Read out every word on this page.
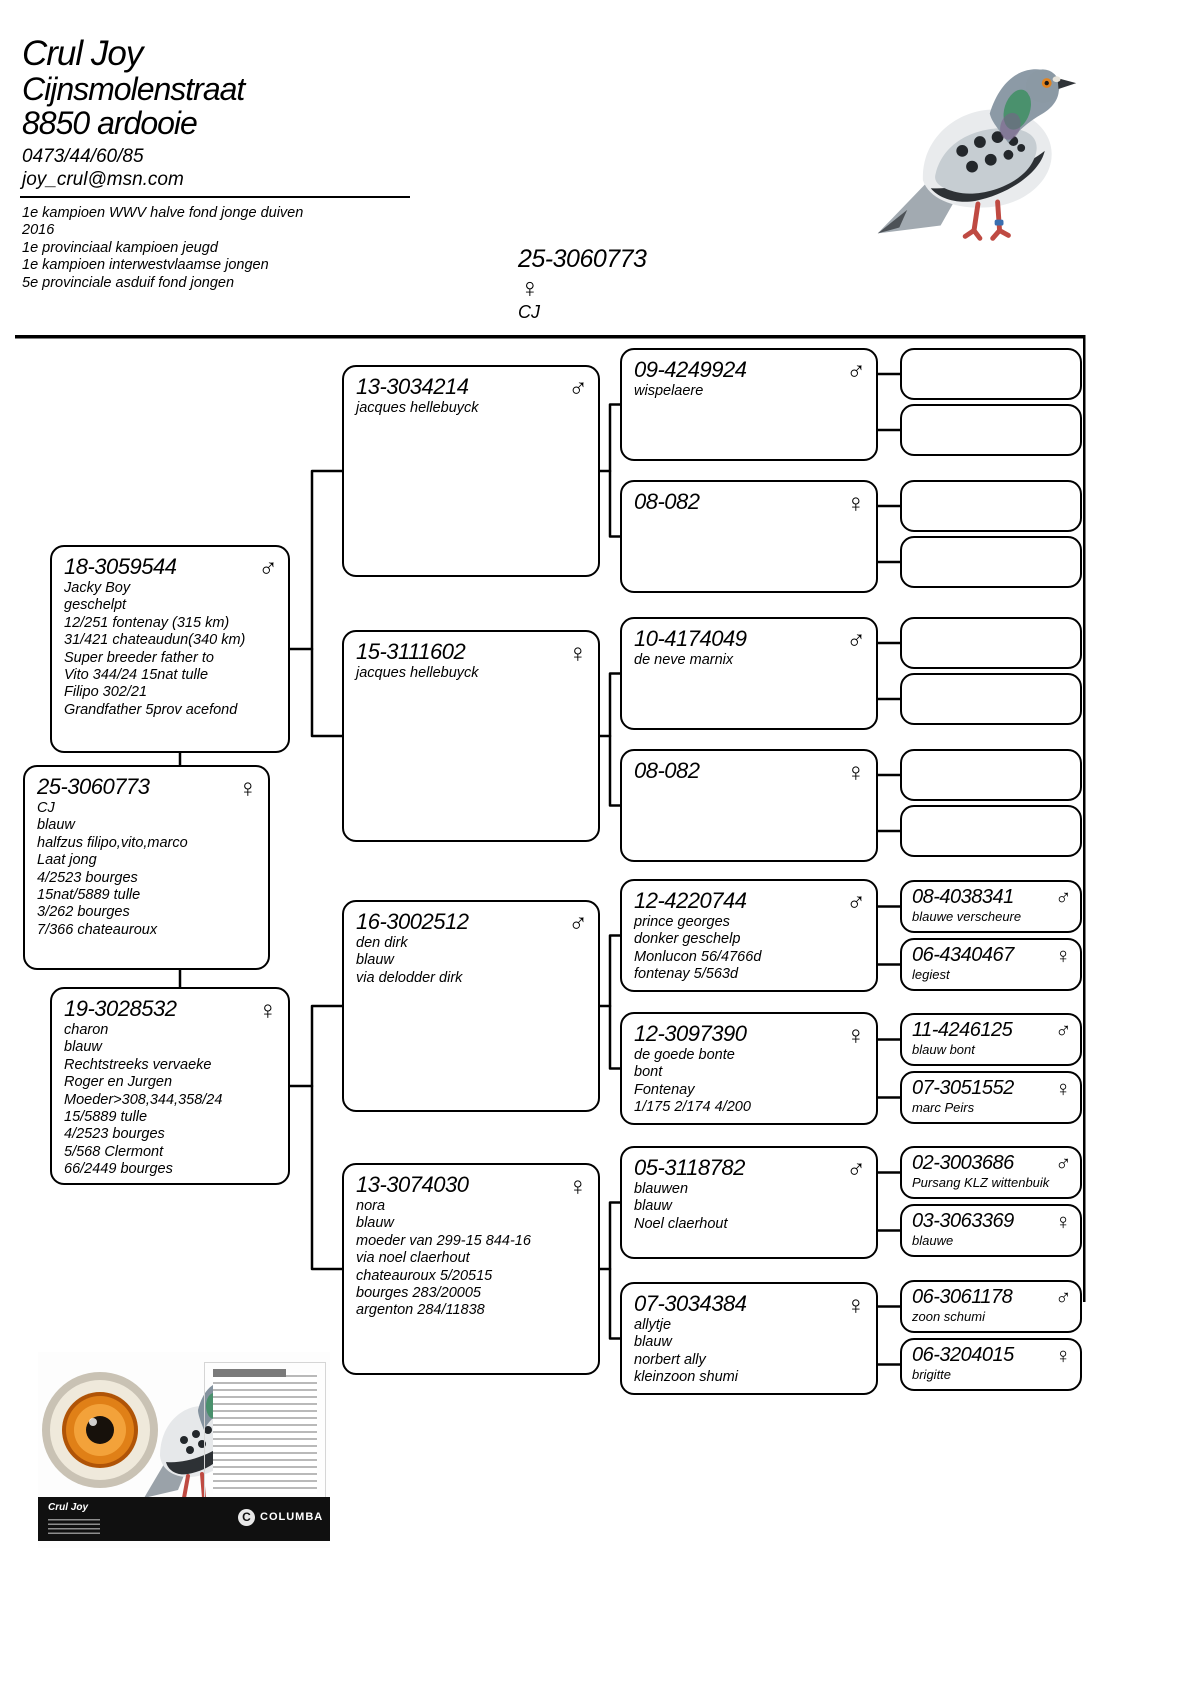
Crul Joy
Cijnsmolenstraat
8850 ardooie
0473/44/60/85
joy_crul@msn.com
1e kampioen WWV halve fond jonge duiven
2016
1e provinciaal kampioen jeugd
1e kampioen interwestvlaamse jongen
5e provinciale asduif fond jongen
25-3060773
♀
CJ
♀
25-3060773
CJ
blauw
halfzus filipo,vito,marco
Laat jong
4/2523 bourges
15nat/5889 tulle
3/262 bourges
7/366 chateauroux
♂
18-3059544
Jacky Boy
geschelpt
12/251 fontenay (315 km)
31/421 chateaudun(340 km)
Super breeder father to
Vito 344/24 15nat tulle
Filipo 302/21
Grandfather 5prov acefond
♀
19-3028532
charon
blauw
Rechtstreeks vervaeke
Roger en Jurgen
Moeder>308,344,358/24
15/5889 tulle
4/2523 bourges
5/568 Clermont
66/2449 bourges
♂
13-3034214
jacques hellebuyck
♀
15-3111602
jacques hellebuyck
♂
16-3002512
den dirk
blauw
via delodder dirk
♀
13-3074030
nora
blauw
moeder van 299-15 844-16
via noel claerhout
chateauroux 5/20515
bourges 283/20005
argenton 284/11838
♂
09-4249924
wispelaere
♀
08-082
♂
10-4174049
de neve marnix
♀
08-082
♂
12-4220744
prince georges
donker geschelp
Monlucon 56/4766d
fontenay 5/563d
♀
12-3097390
de goede bonte
bont
Fontenay
1/175 2/174 4/200
♂
05-3118782
blauwen
blauw
Noel claerhout
♀
07-3034384
allytje
blauw
norbert ally
kleinzoon shumi
♂
08-4038341
blauwe verscheure
♀
06-4340467
legiest
♂
11-4246125
blauw bont
♀
07-3051552
marc Peirs
♂
02-3003686
Pursang KLZ wittenbuik
♀
03-3063369
blauwe
♂
06-3061178
zoon schumi
♀
06-3204015
brigitte
Crul Joy
C COLUMBA
